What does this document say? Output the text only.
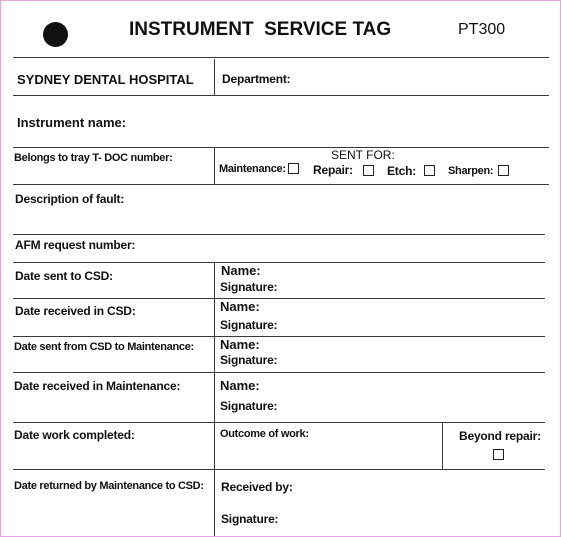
INSTRUMENT  SERVICE TAG	PT300
SYDNEY DENTAL HOSPITAL Department:
Instrument name:
Belongs to tray T- DOC number:	SENT FOR:
Maintenance: Repair:	Etch:	Sharpen:
Description of fault:
AFM request number:
Date sent to CSD:	Name:
Signature:
Date received in CSD:	Name:
Signature:
Date sent from CSD to Maintenance: Name:
Signature:
Date received in Maintenance:	Name:
Signature:
Date work completed:	Outcome of work:	Beyond repair:
Date returned by Maintenance to CSD: Received by:
Signature:
